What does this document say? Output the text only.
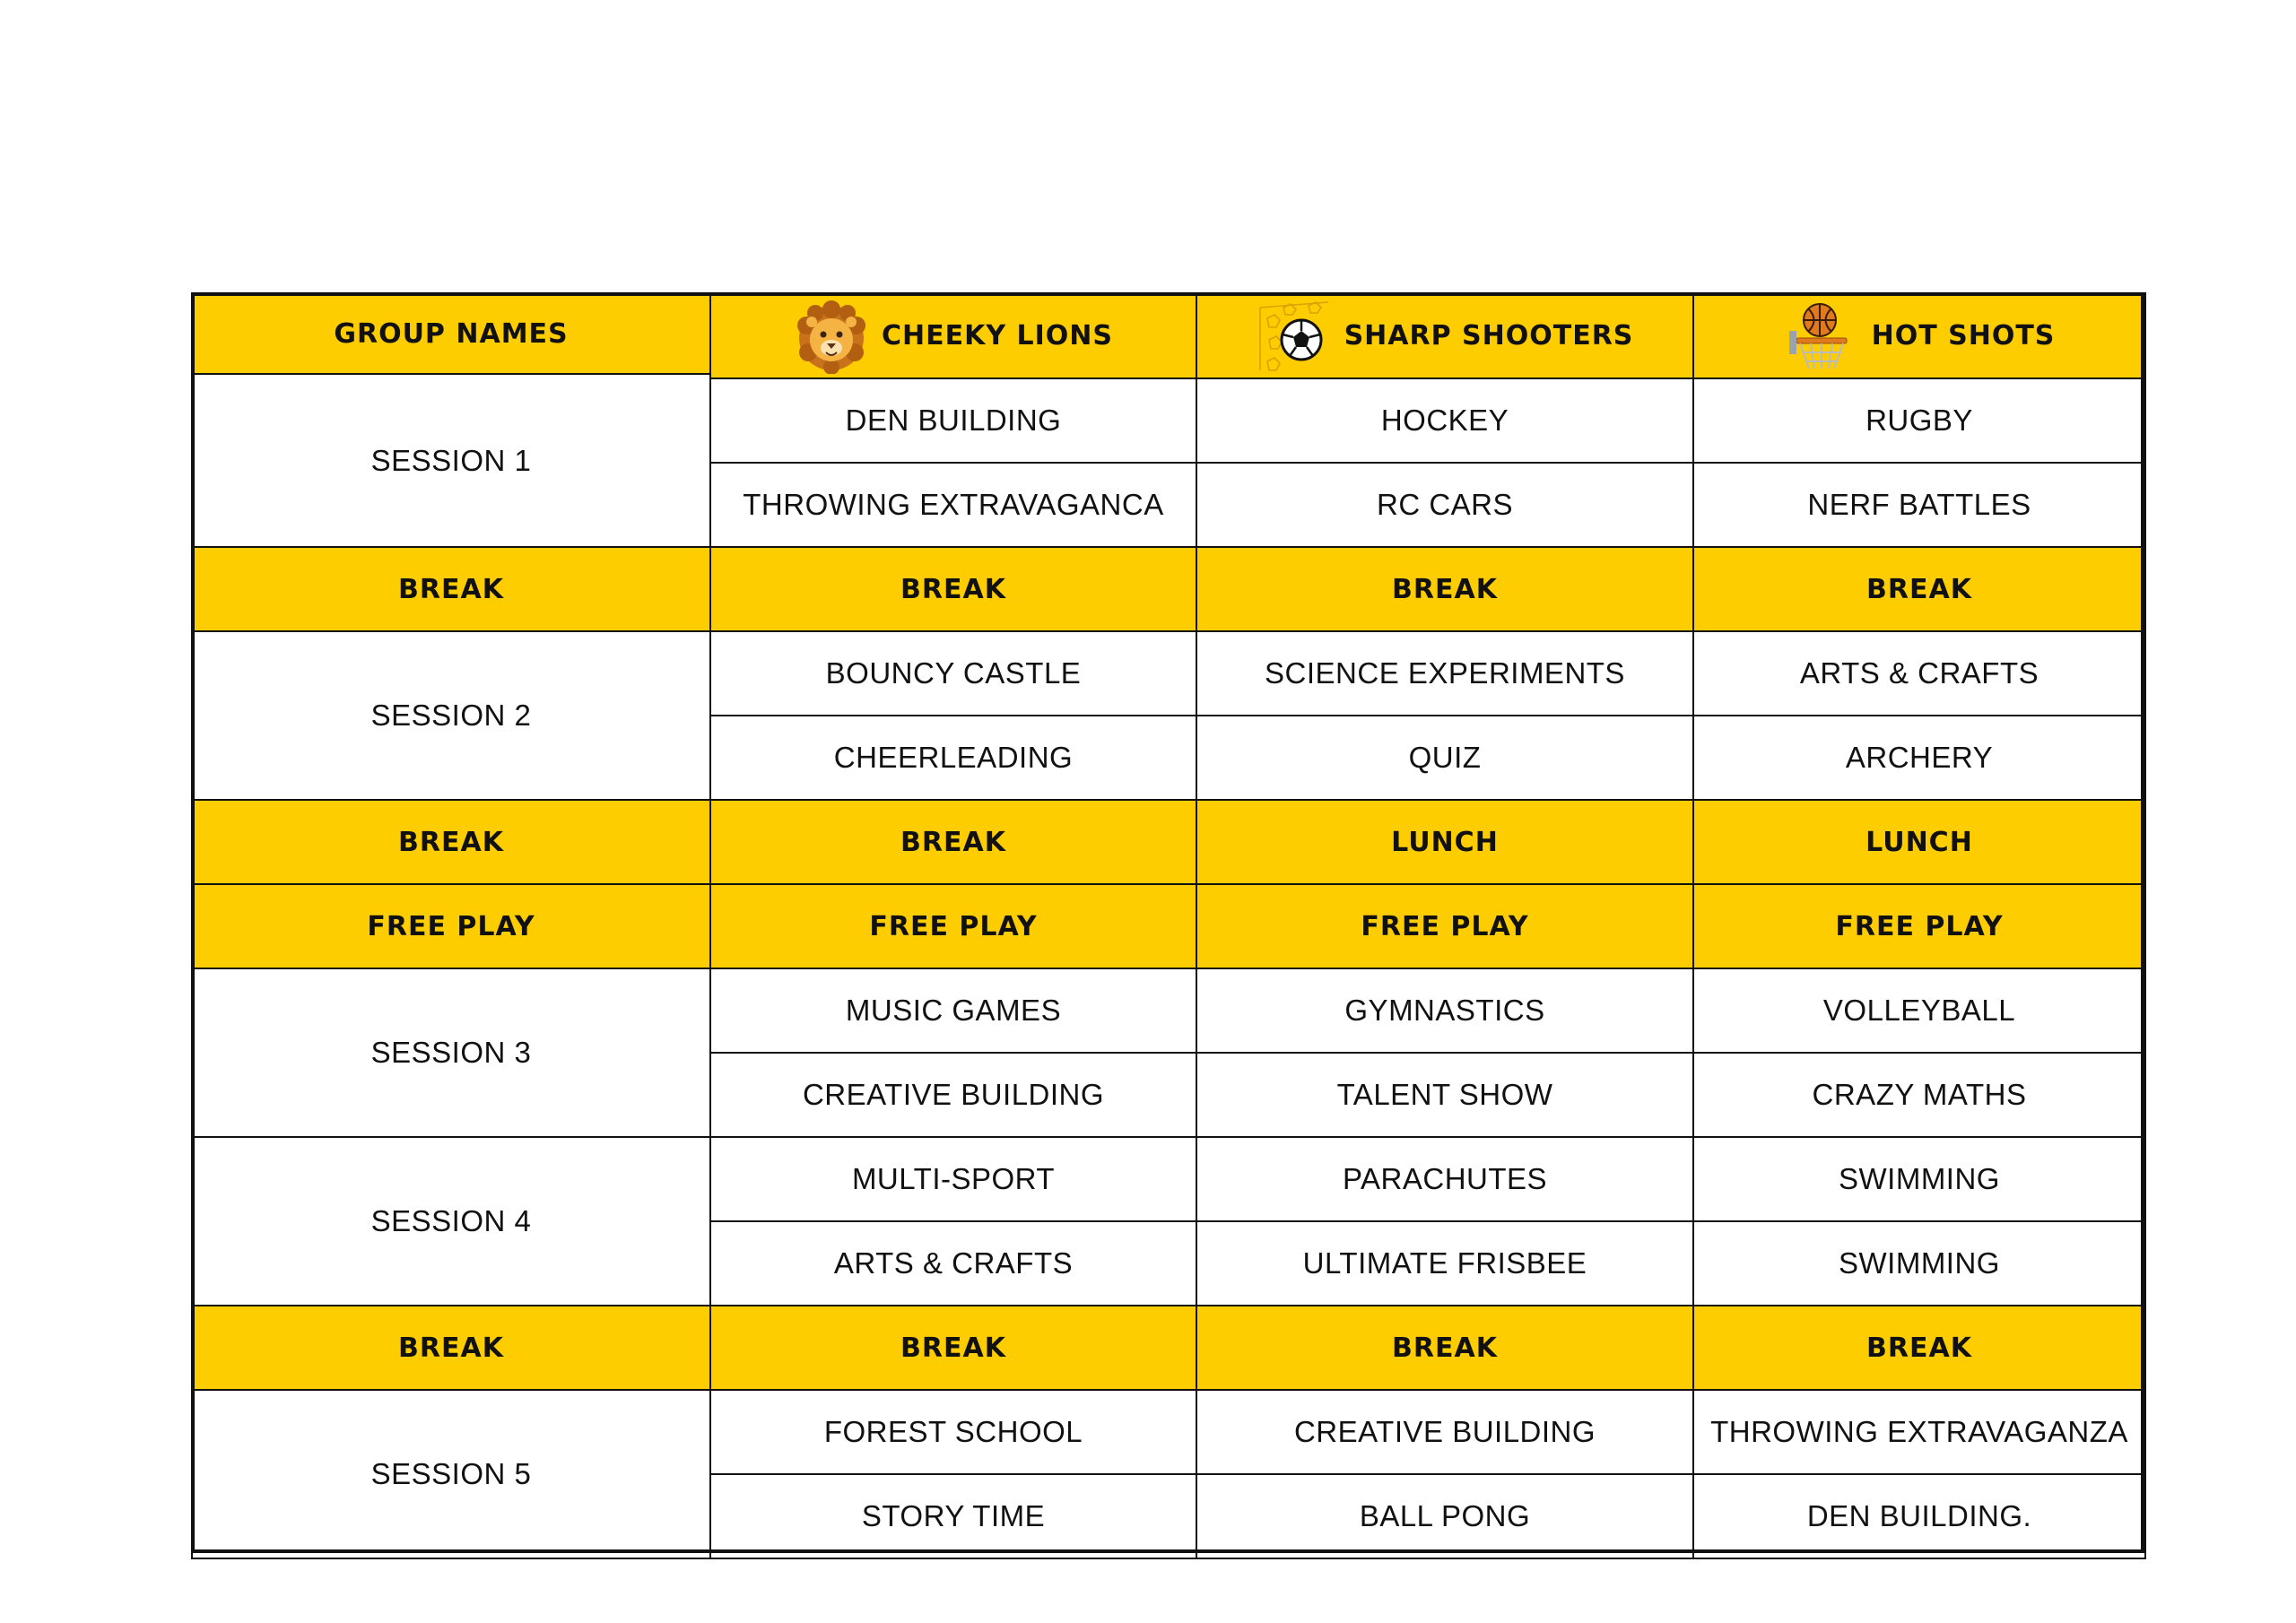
ACTIVITY SCHEDULE
GROUP NAMES	CHEEKY LIONS	SHARP SHOOTERS	HOT SHOTS
SESSION 1
DEN BUILDING	HOCKEY	RUGBY
THROWING EXTRAVAGANCA	RC CARS	NERF BATTLES
BREAK	BREAK	BREAK	BREAK
SESSION 2
BOUNCY CASTLE	SCIENCE EXPERIMENTS	ARTS & CRAFTS
CHEERLEADING	QUIZ	ARCHERY
BREAK	BREAK	LUNCH	LUNCH
FREE PLAY	FREE PLAY	FREE PLAY	FREE PLAY
SESSION 3
MUSIC GAMES	GYMNASTICS	VOLLEYBALL
CREATIVE BUILDING	TALENT SHOW	CRAZY MATHS
SESSION 4
MULTI-SPORT	PARACHUTES	SWIMMING
ARTS & CRAFTS	ULTIMATE FRISBEE	SWIMMING
BREAK	BREAK	BREAK	BREAK
SESSION 5
FOREST SCHOOL	CREATIVE BUILDING	THROWING EXTRAVAGANZA
STORY TIME	BALL PONG	DEN BUILDING.
